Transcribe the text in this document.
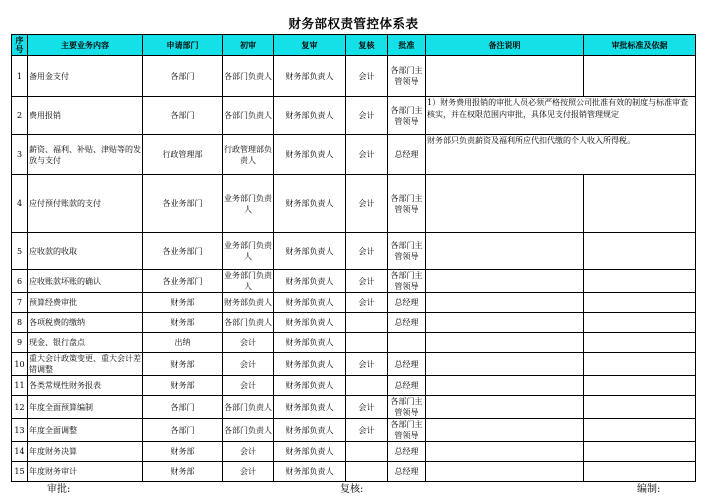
财务部权责管控体系表
序号	主要业务内容	申请部门	初审	复审	复核	批准	备注说明	审批标准及依据
1	备用金支付	各部门	各部门负责人	财务部负责人	会计	各部门主管领导		
2	费用报销	各部门	各部门负责人	财务部负责人	会计	各部门主管领导	1）财务费用报销的审批人员必须严格按照公司批准有效的制度与标准审查核实，并在权限范围内审批，具体见支付报销管理规定	
3	薪资、福利、补贴、津贴等的发放与支付	行政管理部	行政管理部负责人	财务部负责人	会计	总经理	财务部只负责薪资及福利所应代扣代缴的个人收入所得税。	
4	应付预付账款的支付	各业务部门	业务部门负责人	财务部负责人	会计	各部门主管领导		
5	应收款的收取	各业务部门	业务部门负责人	财务部负责人	会计	各部门主管领导		
6	应收账款坏账的确认	各业务部门	业务部门负责人	财务部负责人	会计	各部门主管领导		
7	预算经费审批	财务部	财务部负责人	财务部负责人	会计	总经理		
8	各项税费的缴纳	财务部	各部门负责人	财务部负责人		总经理		
9	现金、银行盘点	出纳	会计	财务部负责人				
10	重大会计政策变更、重大会计差错调整	财务部	会计	财务部负责人	会计	总经理		
11	各类常规性财务报表	财务部	会计	财务部负责人		总经理		
12	年度全面预算编制	各部门	各部门负责人	财务部负责人	会计	各部门主管领导		
13	年度全面调整	各部门	各部门负责人	财务部负责人	会计	各部门主管领导		
14	年度财务决算	财务部	会计	财务部负责人		总经理		
15	年度财务审计	财务部	会计	财务部负责人		总经理		
审批:	复核:	编制:
